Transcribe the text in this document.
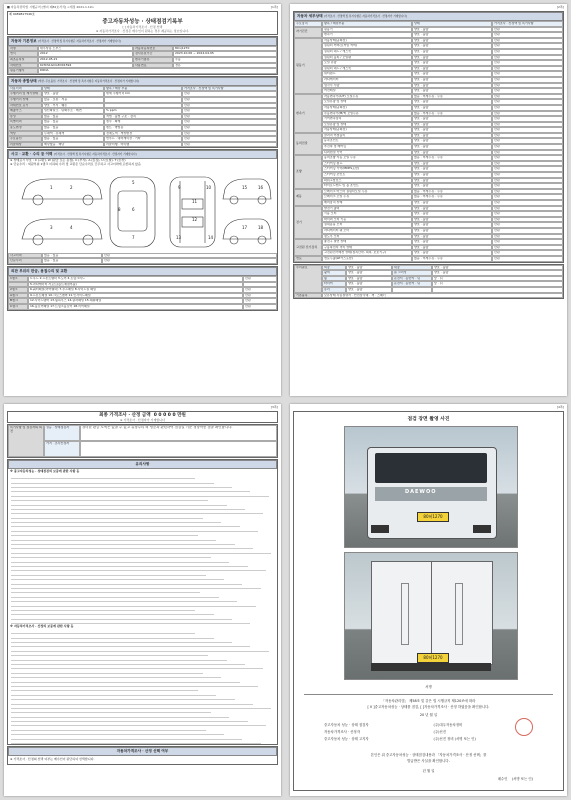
■ 자동차관리법 시행규칙 [별지 제82호서식] <개정 2021.1.19>	[1쪽]
제 9489817546호
중고자동차성능 · 상태점검기록부
[ ] 자동차가격조사 · 산정 선택
※ 자동차가격조사 · 산정은 매수인이 원하는 경우 제공하는 정보입니다.
자동차 기본정보 (가격조사 · 산정액 및 특기사항은 자동차가격조사 · 산정자가 기재합니다)
차명	대우상용 노부스	자동차등록번호	80허1270
연식	2012	검사유효기간	2023.10.06 ~ 2024.04.05
최초등록일	2012-05-21	변속기종류	수동
차대번호	KLTCS1GCG3D01594	사용연료	경유
원동기형식	D6DA
자동차 종합상태 (색상, 주요옵션, 가격조사 · 산정액 및 특기사항은 자동차가격조사 · 산정자가 기재합니다)
사용이력	상태	항목 / 해당 부품	가격조사 · 산정액 및 특기사항
주행거리 및 계기상태	양호 · 불량	현재 주행거리 km	만원
주행거리 상태	많음 · 보통 · 적음	만원
차대번호 표기	양호 · 부식 · 훼손	만원
배출가스	일산화탄소 · 탄화수소 · 매연	% ppm	만원
튜닝	없음 · 있음	적법 · 불법 구조 · 장치	만원
특별이력	없음 · 있음	침수 · 화재	만원
용도변경	없음 · 있음	렌트 · 영업용	만원
색상	무채색 · 유채색	전체도색 · 색상변경	만원
주요옵션	없음 · 있음	썬루프 · 네비게이션 · 기타	만원
리콜대상	해당없음 · 해당	리콜이행 · 미이행	만원
사고 · 교환 · 수리 등 이력 (가격조사 · 산정액 및 특기사항은 자동차가격조사 · 산정자가 기재합니다)
※ 상태표시 부호 : X (교환), W (판금 또는 용접), C (부식), A (흠집), U (요철), T (손상)
※ 단순수리 : 외판부위 1랭크 이하의 수리 및 교환은 단순수리로 간주하고 사고이력에 포함하지 않음
1	2
3	4
5
6
7
8
9	10
11
12
13	14
15	16
17	18
사고이력	없음 · 있음	만원
단순수리	없음 · 있음	만원
외판 부위의 판금, 용접수리 및 교환
1랭크	1.후드 2.프론트휀더 3.도어 4.트렁크리드	만원
5.라디에이터 서포트(볼트체결부품)
2랭크	6.쿼터패널(리어휀더) 7.루프패널 8.사이드실 패널	만원
A랭크	9.프론트패널 10.크로스멤버 11.인사이드패널	만원
B랭크	12.사이드멤버 13.휠하우스 14.필러패널 15.대쉬패널	만원
C랭크	16.플로어패널 17.트렁크플로어 18.리어패널	만원
[2쪽]
자동차 세부상태 (가격조사 · 산정액 및 특기사항은 자동차가격조사 · 산정자가 기재합니다)
주요장치	항목 / 해당부품	상태	가격조사 · 산정액 및 특기사항
자기진단
원동기	양호 · 불량	만원
변속기	양호 · 불량	만원
원동기
작동상태(공회전)	양호 · 불량	만원
실린더 커버(로커암 커버)	양호 · 불량	만원
실린더 헤드 / 개스킷	양호 · 불량	만원
실린더 블록 / 오일팬	양호 · 불량	만원
오일 유량	양호 · 불량	만원
실린더 헤드 / 개스킷	양호 · 불량	만원
워터펌프	양호 · 불량	만원
라디에이터	양호 · 불량	만원
냉각수 수량	양호 · 불량	만원
커먼레일	양호 · 불량	만원
변속기
자동변속기(A/T) 오일누유	없음 · 미세누유 · 누유	만원
오일유량 및 상태	양호 · 불량	만원
작동상태(공회전)	양호 · 불량	만원
수동변속기(M/T) 오일누유	없음 · 미세누유 · 누유	만원
기어변속장치	양호 · 불량	만원
오일유량 및 상태	양호 · 불량	만원
작동상태(공회전)	양호 · 불량	만원
동력전달
클러치 어셈블리	양호 · 불량	만원
등속조인트	양호 · 불량	만원
추진축 및 베어링	양호 · 불량	만원
디퍼렌셜 기어	양호 · 불량	만원
조향
동력조향 작동 오일 누유	없음 · 미세누유 · 누유	만원
스티어링 펌프	양호 · 불량	만원
스티어링 기어(MDPS포함)	양호 · 불량	만원
스티어링 조인트	양호 · 불량	만원
파워고압호스	양호 · 불량	만원
타이로드엔드 및 볼 조인트	양호 · 불량	만원
제동
브레이크 마스터 실린더오일 누유	없음 · 미세누유 · 누유	만원
브레이크 오일 누유	없음 · 미세누유 · 누유	만원
배력장치 상태	양호 · 불량	만원
전기
발전기 출력	양호 · 불량	만원
시동 모터	양호 · 불량	만원
와이퍼 모터 기능	양호 · 불량	만원
실내송풍 모터	양호 · 불량	만원
라디에이터 팬 모터	양호 · 불량	만원
윈도우 모터	양호 · 불량	만원
고전원 전기장치
충전구 절연 상태	양호 · 불량	만원
구동축전지 격리 상태	양호 · 불량	만원
고전원전기배선 상태(접속단자, 피복, 보호기구)	양호 · 불량	만원
연료	연료누출(LP가스포함)	없음 · 미세누유 · 누유	만원
수리필요	외장	양호 · 불량	내장	양호 · 불량
광택	양호 · 불량	룸 크리닝	양호 · 불량
휠	양호 · 불량	운전석 · 동반석 · 뒤	앞 · 뒤
타이어	양호 · 불량	운전석 · 동반석 · 뒤	앞 · 뒤
유리	양호 · 불량
기본품목	보유상태 사용설명서 · 안전삼각대 · 잭 · 스패너
[3쪽]
최종 가격조사 · 산정 금액 0 0 0 0 0 만원
※ 가격조사 · 산정자가 기재합니다
특기사항 및 점검자의 의견
성능 · 상태점검자	경미한 판금 도색은 있을 수 있고 유상수리 외 성능과 관련하여 점검일 기준 정상작동 점을 확인합니다.
가격 · 조사산정자
유의사항
※ 중고자동차성능 · 상태점검의 보증에 관한 사항 등
※ 자동차가격조사 · 산정의 보증에 관한 사항 등
자동차가격조사 · 산정 선택 여부
※ 가격조사 · 산정의 선택 여부는 매수인이 판단하여 선택합니다.
[4쪽]
점검 장면 촬영 사진
DAEWOO
80허1270
80허1270
서명
「자동차관리법」 제58조 및 같은 법 시행규칙 제120조에 따라
[ V ]중고자동차성능 · 상태를 점검, [ ]자동차가격조사 · 산정 하였음을 확인합니다.
20 년 월 일
중고자동차 성능 · 상태 점검자	(주)대우자동차정비
자동차가격조사 · 산정자	(주)선진
중고자동차 성능 · 상태 고지자	(주)선진 정비 (서명 또는 인)
본인은 위 중고자동차성능 · 상태점검내용과 「자동차가격조사 · 산정 선택」를
발급받은 사실을 확인합니다.
년 월 일
매수인 (서명 또는 인)
